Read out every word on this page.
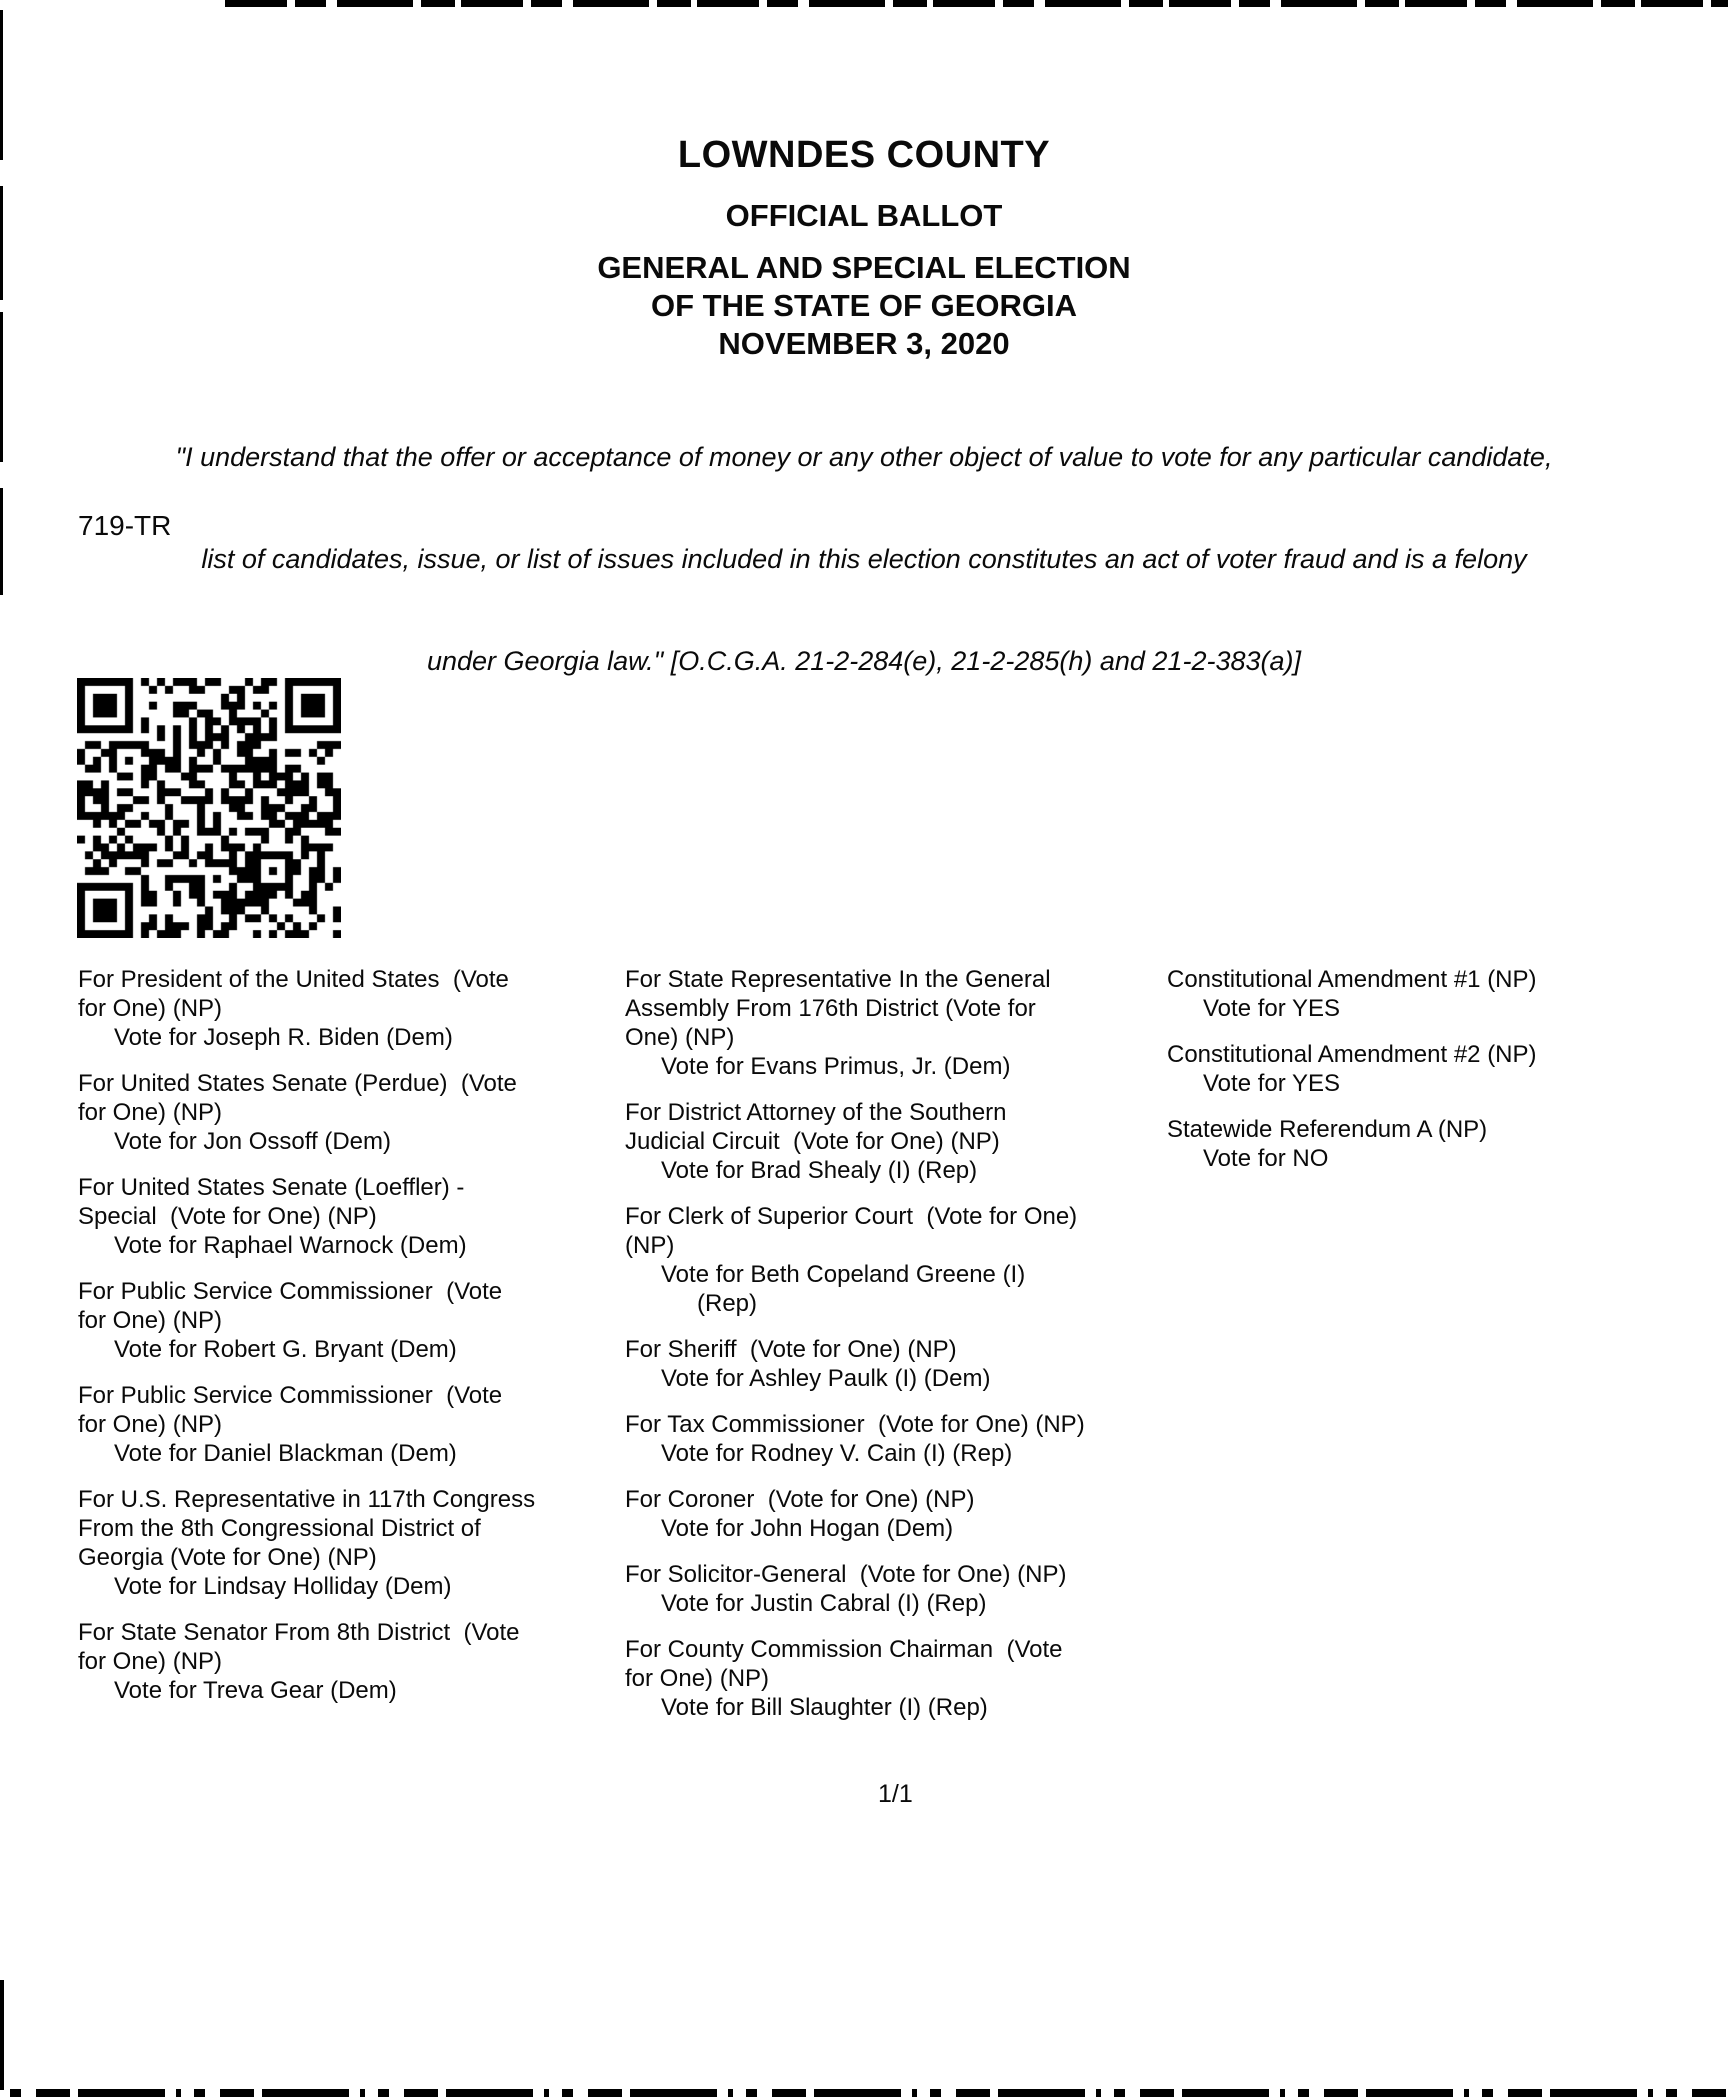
LOWNDES COUNTY
OFFICIAL BALLOT
GENERAL AND SPECIAL ELECTION
OF THE STATE OF GEORGIA
NOVEMBER 3, 2020

"I understand that the offer or acceptance of money or any other object of value to vote for any particular candidate,

list of candidates, issue, or list of issues included in this election constitutes an act of voter fraud and is a felony

under Georgia law." [O.C.G.A. 21-2-284(e), 21-2-285(h) and 21-2-383(a)]

719-TR
For President of the United States  (Vote
for One) (NP)
Vote for Joseph R. Biden (Dem)
For United States Senate (Perdue)  (Vote
for One) (NP)
Vote for Jon Ossoff (Dem)
For United States Senate (Loeffler) -
Special  (Vote for One) (NP)
Vote for Raphael Warnock (Dem)
For Public Service Commissioner  (Vote
for One) (NP)
Vote for Robert G. Bryant (Dem)
For Public Service Commissioner  (Vote
for One) (NP)
Vote for Daniel Blackman (Dem)
For U.S. Representative in 117th Congress
From the 8th Congressional District of
Georgia (Vote for One) (NP)
Vote for Lindsay Holliday (Dem)
For State Senator From 8th District  (Vote
for One) (NP)
Vote for Treva Gear (Dem)
For State Representative In the General
Assembly From 176th District (Vote for
One) (NP)
Vote for Evans Primus, Jr. (Dem)
For District Attorney of the Southern
Judicial Circuit  (Vote for One) (NP)
Vote for Brad Shealy (I) (Rep)
For Clerk of Superior Court  (Vote for One)
(NP)
Vote for Beth Copeland Greene (I)
(Rep)
For Sheriff  (Vote for One) (NP)
Vote for Ashley Paulk (I) (Dem)
For Tax Commissioner  (Vote for One) (NP)
Vote for Rodney V. Cain (I) (Rep)
For Coroner  (Vote for One) (NP)
Vote for John Hogan (Dem)
For Solicitor-General  (Vote for One) (NP)
Vote for Justin Cabral (I) (Rep)
For County Commission Chairman  (Vote
for One) (NP)
Vote for Bill Slaughter (I) (Rep)
Constitutional Amendment #1 (NP)
Vote for YES
Constitutional Amendment #2 (NP)
Vote for YES
Statewide Referendum A (NP)
Vote for NO
1/1
